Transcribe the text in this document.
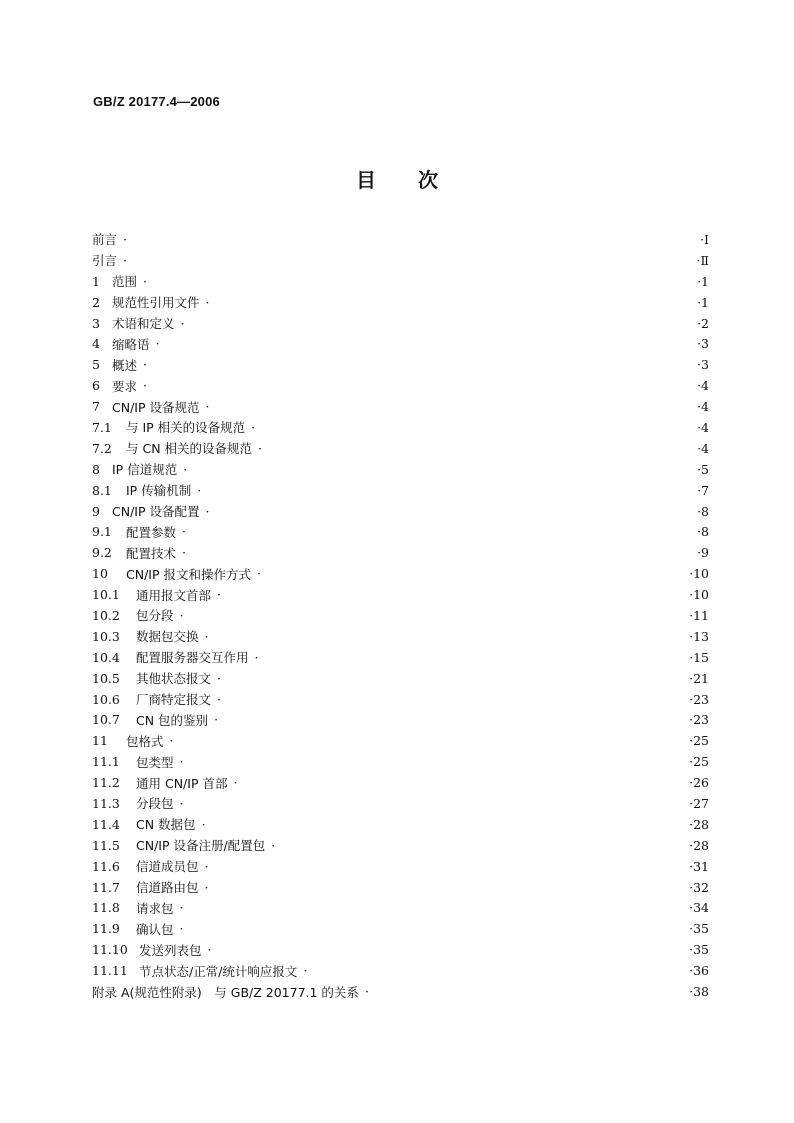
GB/Z 20177.4—2006
目次
前言 ·	· Ⅰ
引言 ·	· Ⅱ
1 范围 ·	· 1
2 规范性引用文件 ·	· 1
3 术语和定义 ·	· 2
4 缩略语 ·	· 3
5 概述 ·	· 3
6 要求 ·	· 4
7 CN/IP 设备规范 ·	· 4
7.1	与 IP 相关的设备规范 ·	· 4
7.2	与 CN 相关的设备规范 ·	· 4
8 IP 信道规范 ·	· 5
8.1	IP 传输机制 ·	· 7
9 CN/IP 设备配置 ·	· 8
9.1	配置参数 ·	· 8
9.2	配置技术 ·	· 9
10	CN/IP 报文和操作方式 ·	· 10
10.1	通用报文首部 ·	· 10
10.2	包分段 ·	· 11
10.3	数据包交换 ·	· 13
10.4	配置服务器交互作用 ·	· 15
10.5	其他状态报文 ·	· 21
10.6	厂商特定报文 ·	· 23
10.7	CN 包的鉴别 ·	· 23
11	包格式 ·	· 25
11.1	包类型 ·	· 25
11.2	通用 CN/IP 首部 ·	· 26
11.3	分段包 ·	· 27
11.4	CN 数据包 ·	· 28
11.5	CN/IP 设备注册/配置包 ·	· 28
11.6	信道成员包 ·	· 31
11.7	信道路由包 ·	· 32
11.8	请求包 ·	· 34
11.9	确认包 ·	· 35
11.10 发送列表包 ·	· 35
11.11 节点状态/正常/统计响应报文 ·	· 36
附录 A(规范性附录)　与 GB/Z 20177.1 的关系 ·	· 38
